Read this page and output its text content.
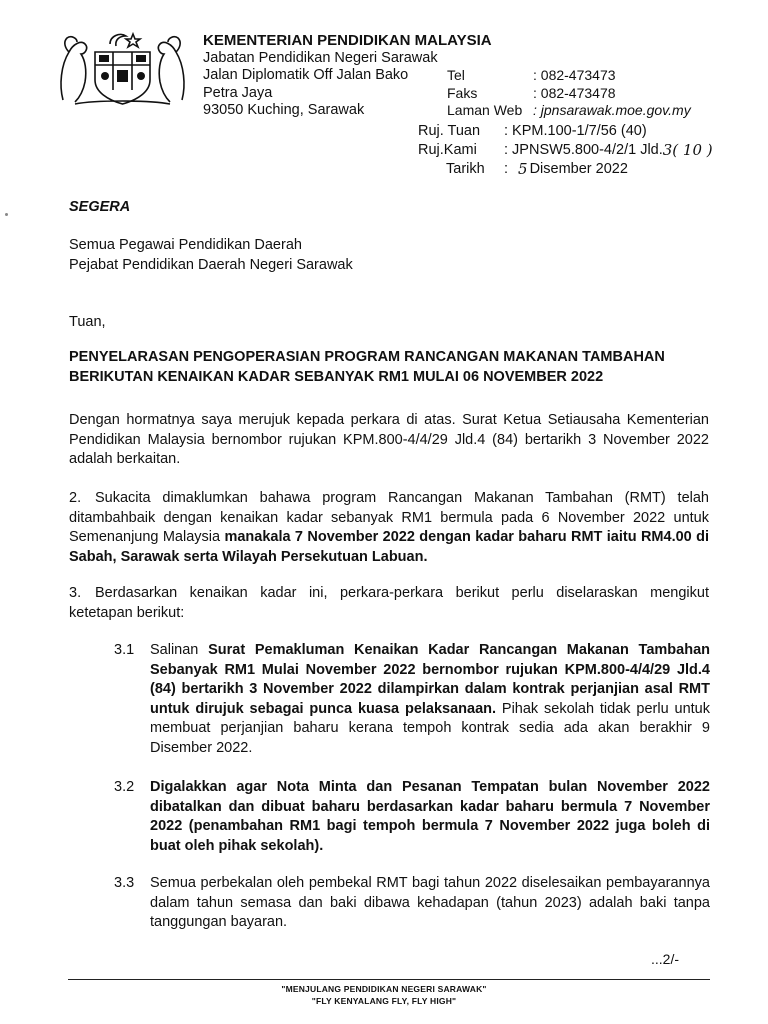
KEMENTERIAN PENDIDIKAN MALAYSIA
Jabatan Pendidikan Negeri Sarawak
Jalan Diplomatik Off Jalan Bako
Petra Jaya
93050 Kuching, Sarawak
Tel	: 082-473473
Faks	: 082-473478
Laman Web : jpnsarawak.moe.gov.my
Ruj. Tuan	: KPM.100-1/7/56 (40)
Ruj.Kami	: JPNSW5.800-4/2/1 Jld. 3( 10 )
Tarikh	: 5 Disember 2022
SEGERA
Semua Pegawai Pendidikan Daerah
Pejabat Pendidikan Daerah Negeri Sarawak
Tuan,
PENYELARASAN PENGOPERASIAN PROGRAM RANCANGAN MAKANAN TAMBAHAN
BERIKUTAN KENAIKAN KADAR SEBANYAK RM1 MULAI 06 NOVEMBER 2022
Dengan hormatnya saya merujuk kepada perkara di atas. Surat Ketua Setiausaha Kementerian Pendidikan Malaysia bernombor rujukan KPM.800-4/4/29 Jld.4 (84) bertarikh 3 November 2022 adalah berkaitan.
2. Sukacita dimaklumkan bahawa program Rancangan Makanan Tambahan (RMT) telah ditambahbaik dengan kenaikan kadar sebanyak RM1 bermula pada 6 November 2022 untuk Semenanjung Malaysia manakala 7 November 2022 dengan kadar baharu RMT iaitu RM4.00 di Sabah, Sarawak serta Wilayah Persekutuan Labuan.
3. Berdasarkan kenaikan kadar ini, perkara-perkara berikut perlu diselaraskan mengikut ketetapan berikut:
3.1	Salinan Surat Pemakluman Kenaikan Kadar Rancangan Makanan Tambahan Sebanyak RM1 Mulai November 2022 bernombor rujukan KPM.800-4/4/29 Jld.4 (84) bertarikh 3 November 2022 dilampirkan dalam kontrak perjanjian asal RMT untuk dirujuk sebagai punca kuasa pelaksanaan. Pihak sekolah tidak perlu untuk membuat perjanjian baharu kerana tempoh kontrak sedia ada akan berakhir 9 Disember 2022.
3.2	Digalakkan agar Nota Minta dan Pesanan Tempatan bulan November 2022 dibatalkan dan dibuat baharu berdasarkan kadar baharu bermula 7 November 2022 (penambahan RM1 bagi tempoh bermula 7 November 2022 juga boleh di buat oleh pihak sekolah).
3.3	Semua perbekalan oleh pembekal RMT bagi tahun 2022 diselesaikan pembayarannya dalam tahun semasa dan baki dibawa kehadapan (tahun 2023) adalah baki tanpa tanggungan bayaran.
...2/-
"MENJULANG PENDIDIKAN NEGERI SARAWAK"
"FLY KENYALANG FLY, FLY HIGH"
